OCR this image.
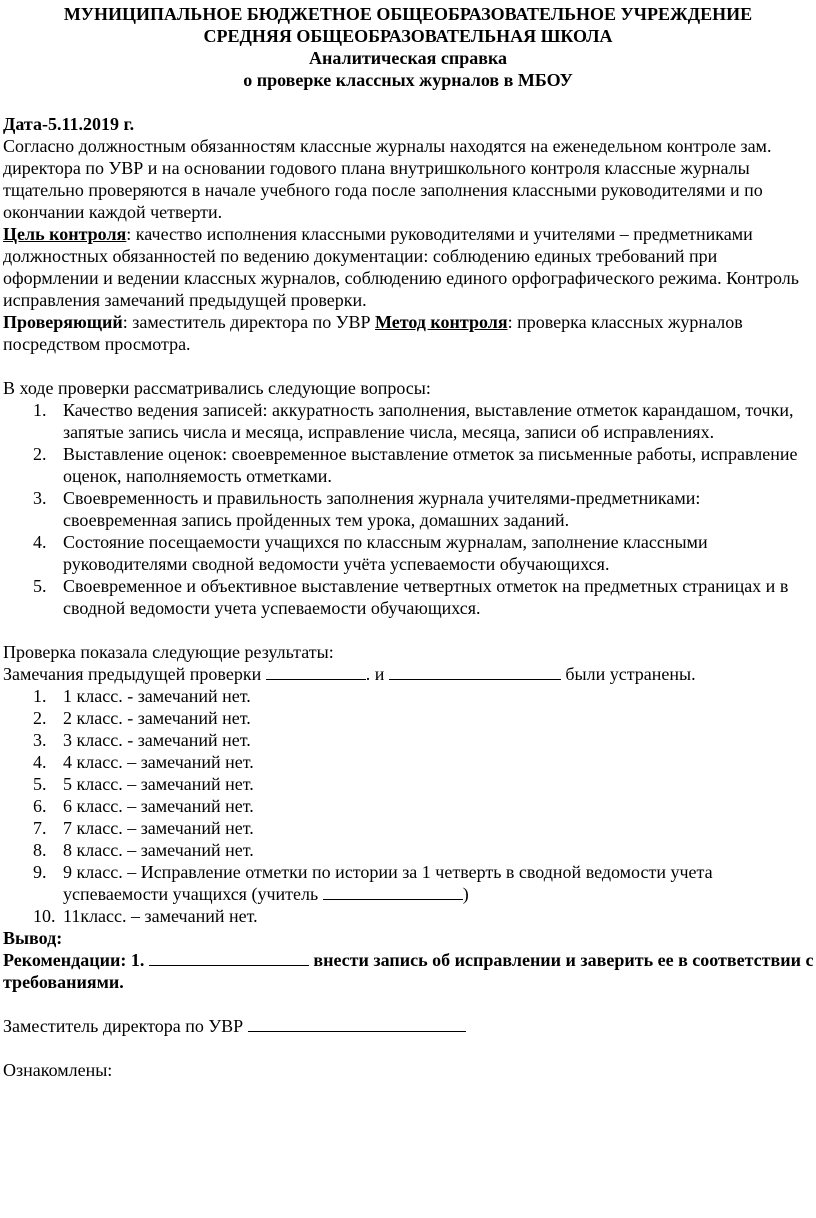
МУНИЦИПАЛЬНОЕ БЮДЖЕТНОЕ ОБЩЕОБРАЗОВАТЕЛЬНОЕ УЧРЕЖДЕНИЕ
СРЕДНЯЯ ОБЩЕОБРАЗОВАТЕЛЬНАЯ ШКОЛА
Аналитическая справка
о проверке классных журналов в МБОУ

Дата-5.11.2019 г.

Согласно должностным обязанностям классные журналы находятся на еженедельном контроле зам. директора по УВР и на основании годового плана внутришкольного контроля классные журналы тщательно проверяются в начале учебного года после заполнения классными руководителями и по окончании каждой четверти.

Цель контроля: качество исполнения классными руководителями и учителями – предметниками должностных обязанностей по ведению документации: соблюдению единых требований при оформлении и ведении классных журналов, соблюдению единого орфографического режима. Контроль исправления замечаний предыдущей проверки.

Проверяющий: заместитель директора по УВР Метод контроля: проверка классных журналов посредством просмотра.

В ходе проверки рассматривались следующие вопросы:

1. Качество ведения записей: аккуратность заполнения, выставление отметок карандашом, точки, запятые запись числа и месяца, исправление числа, месяца, записи об исправлениях.
2. Выставление оценок: своевременное выставление отметок за письменные работы, исправление оценок, наполняемость отметками.
3. Своевременность и правильность заполнения журнала учителями-предметниками: своевременная запись пройденных тем урока, домашних заданий.
4. Состояние посещаемости учащихся по классным журналам, заполнение классными руководителями сводной ведомости учёта успеваемости обучающихся.
5. Своевременное и объективное выставление четвертных отметок на предметных страницах и в сводной ведомости учета успеваемости обучающихся.

Проверка показала следующие результаты:

Замечания предыдущей проверки	. и	были устранены.

1. 1 класс. - замечаний нет.
2. 2 класс. - замечаний нет.
3. 3 класс. - замечаний нет.
4. 4 класс. – замечаний нет.
5. 5 класс. – замечаний нет.
6. 6 класс. – замечаний нет.
7. 7 класс. – замечаний нет.
8. 8 класс. – замечаний нет.
9. 9 класс. – Исправление отметки по истории за 1 четверть в сводной ведомости учета успеваемости учащихся (учитель	)
10. 11класс. – замечаний нет.

Вывод:

Рекомендации: 1.	внести запись об исправлении и заверить ее в соответствии с требованиями.

Заместитель директора по УВР

Ознакомлены:
